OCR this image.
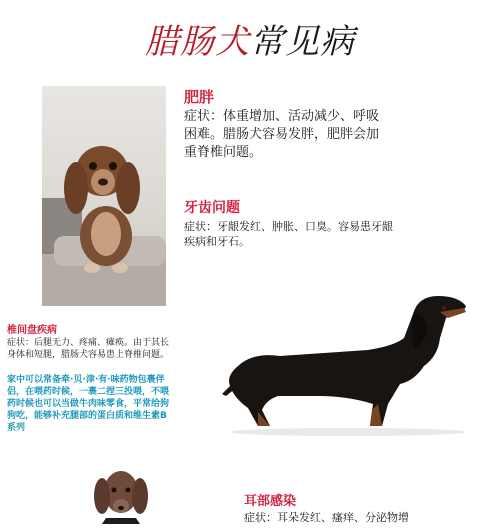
腊肠犬常见病
肥胖
症状：体重增加、活动减少、呼吸困难。腊肠犬容易发胖，肥胖会加重脊椎问题。
牙齿问题
症状：牙龈发红、肿胀、口臭。容易患牙龈疾病和牙石。
椎间盘疾病
症状：后腿无力、疼痛、瘫痪。由于其长身体和短腿，腊肠犬容易患上脊椎问题。
家中可以常备牵·贝·津·有·味药物包裹伴侣，在喂药时候，一裹二捏三投喂，不喂药时候也可以当做牛肉味零食，平常给狗狗吃，能够补充腿部的蛋白质和维生素B系列
耳部感染
症状：耳朵发红、瘙痒、分泌物增
